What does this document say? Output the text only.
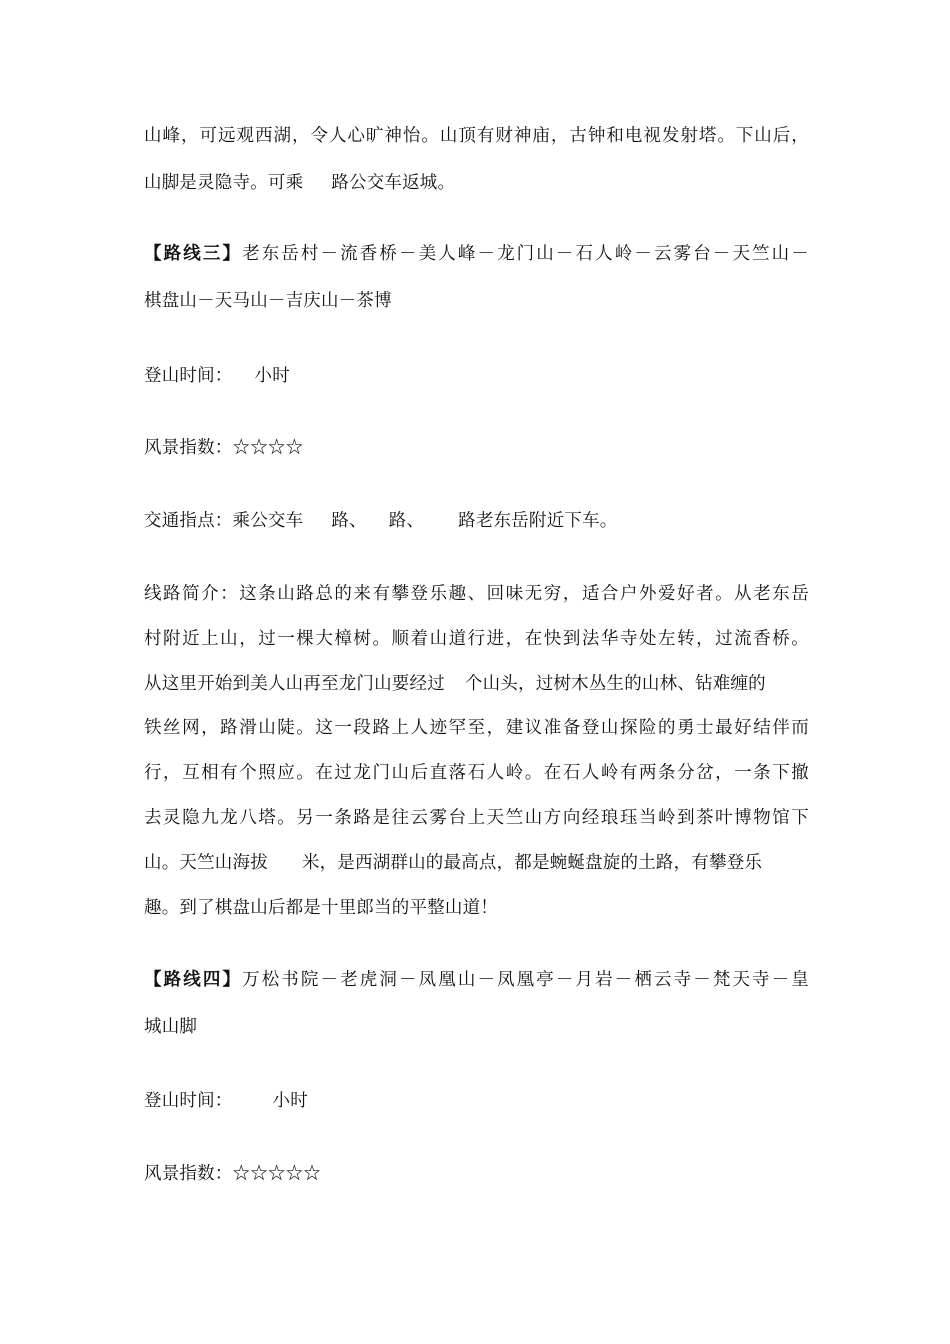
山峰，可远观西湖，令人心旷神怡。山顶有财神庙，古钟和电视发射塔。下山后，
山脚是灵隐寺。可乘 路公交车返城。
【路线三】老东岳村－流香桥－美人峰－龙门山－石人岭－云雾台－天竺山－
棋盘山－天马山－吉庆山－茶博
登山时间： 小时
风景指数：☆☆☆☆
交通指点：乘公交车 路、 路、 路老东岳附近下车。
线路简介：这条山路总的来有攀登乐趣、回味无穷，适合户外爱好者。从老东岳
村附近上山，过一棵大樟树。顺着山道行进，在快到法华寺处左转，过流香桥。
从这里开始到美人山再至龙门山要经过 个山头，过树木丛生的山林、钻难缠的
铁丝网，路滑山陡。这一段路上人迹罕至，建议准备登山探险的勇士最好结伴而
行，互相有个照应。在过龙门山后直落石人岭。在石人岭有两条分岔，一条下撤
去灵隐九龙八塔。另一条路是往云雾台上天竺山方向经琅珏当岭到茶叶博物馆下
山。天竺山海拔 米，是西湖群山的最高点，都是蜿蜒盘旋的土路，有攀登乐
趣。到了棋盘山后都是十里郎当的平整山道！
【路线四】万松书院－老虎洞－凤凰山－凤凰亭－月岩－栖云寺－梵天寺－皇
城山脚
登山时间： 小时
风景指数：☆☆☆☆☆
